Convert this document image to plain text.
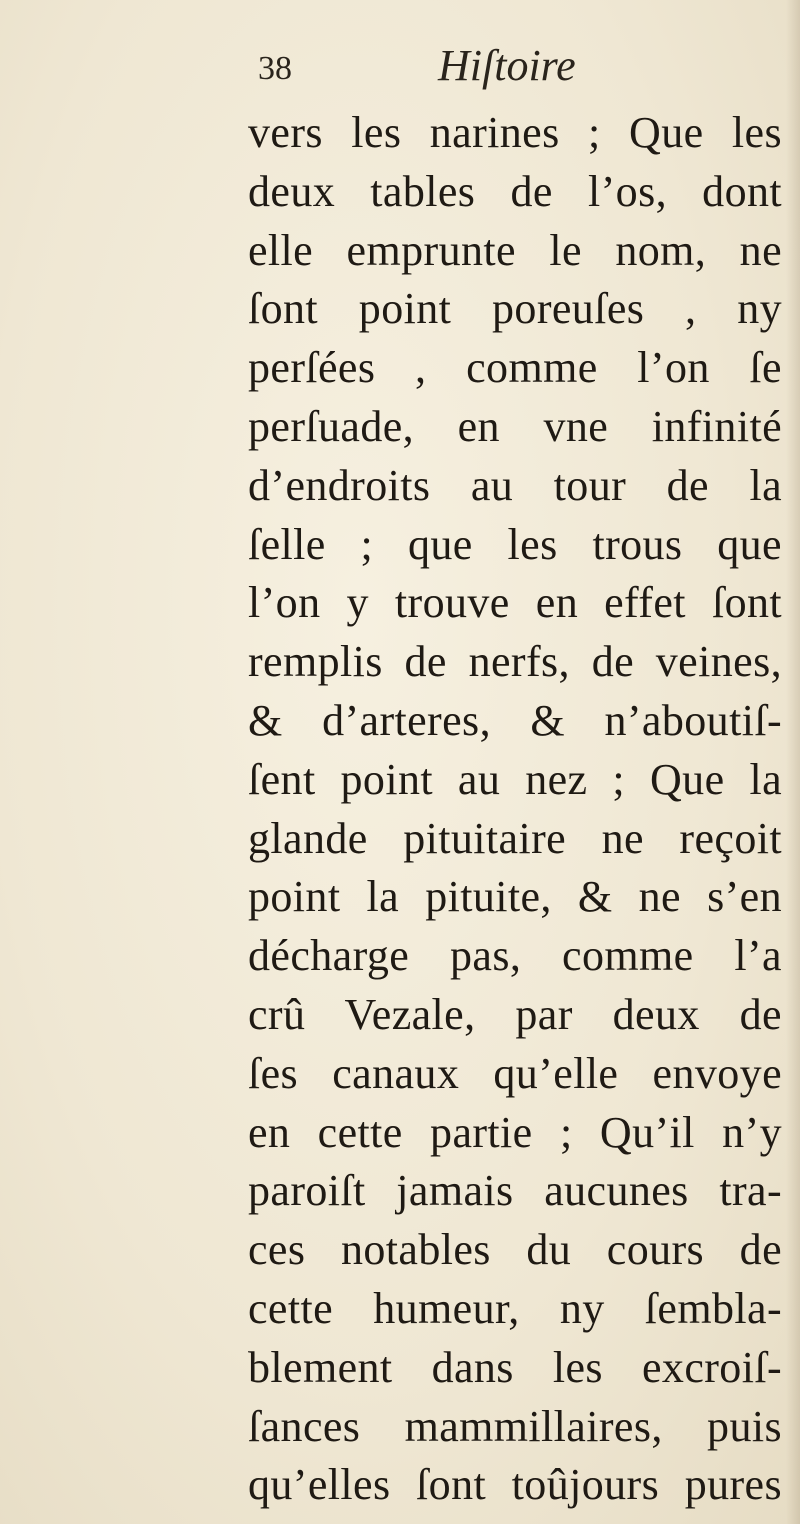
38	Hiſtoire
vers les narines ; Que les
deux tables de l’os, dont
elle emprunte le nom, ne
ſont point poreuſes , ny
perſées , comme l’on ſe
perſuade, en vne infinité
d’endroits au tour de la
ſelle ; que les trous que
l’on y trouve en effet ſont
remplis de nerfs, de veines,
& d’arteres, & n’aboutiſ-
ſent point au nez ; Que la
glande pituitaire ne reçoit
point la pituite, & ne s’en
décharge pas, comme l’a
crû Vezale, par deux de
ſes canaux qu’elle envoye
en cette partie ; Qu’il n’y
paroiſt jamais aucunes tra-
ces notables du cours de
cette humeur, ny ſembla-
blement dans les excroiſ-
ſances mammillaires, puis
qu’elles ſont toûjours pures
